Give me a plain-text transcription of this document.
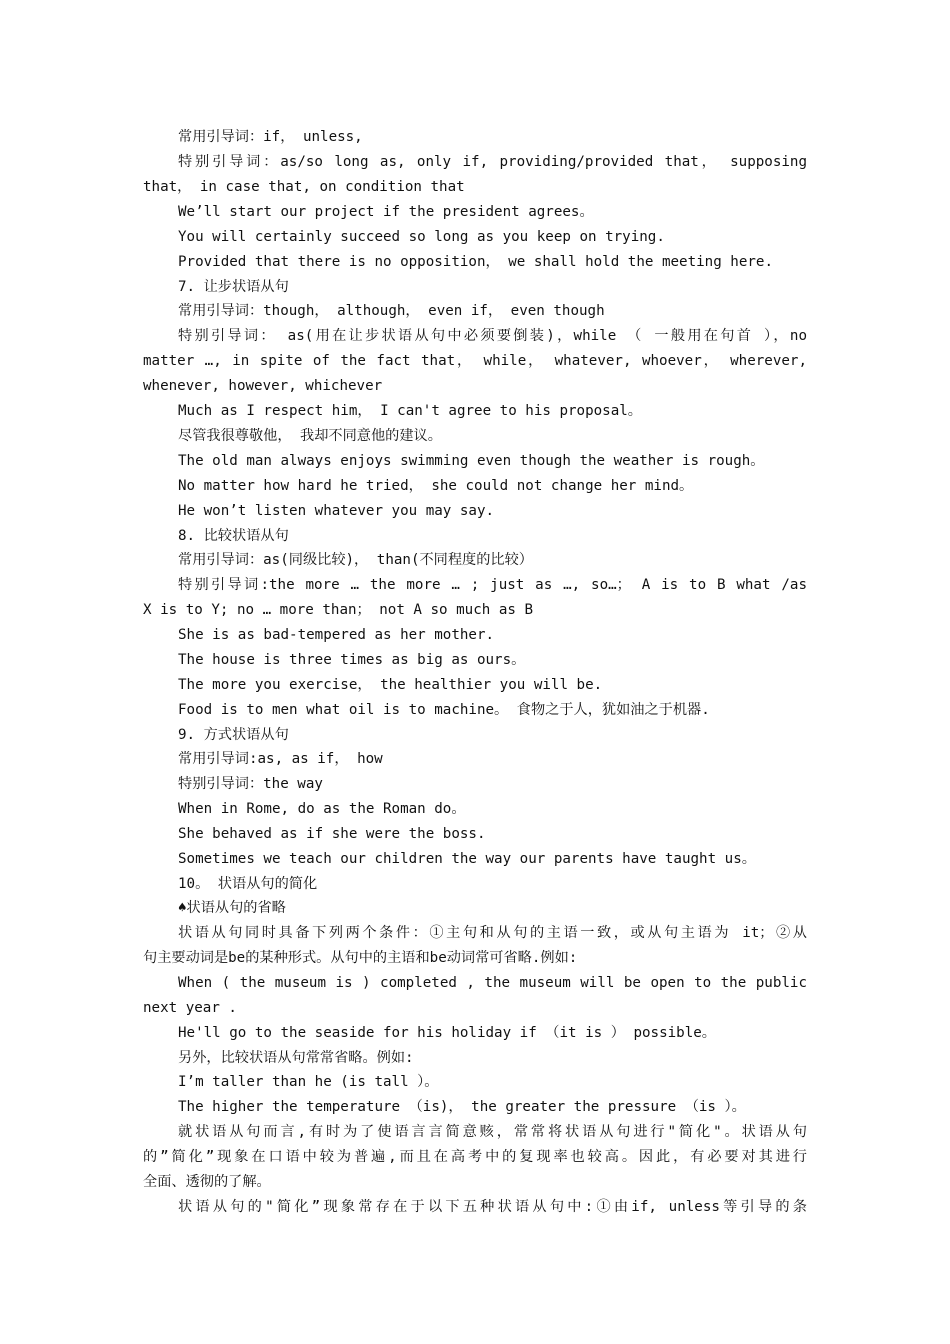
常用引导词：if， unless,

特别引导词：as/so long as, only if, providing/provided that， supposing

that， in case that, on condition that

We’ll start our project if the president agrees。

You will certainly succeed so long as you keep on trying.

Provided that there is no opposition， we shall hold the meeting here.

7. 让步状语从句

常用引导词：though， although， even if， even though

特别引导词： as(用在让步状语从句中必须要倒装)，while （ 一般用在句首 ），no

matter …, in spite of the fact that， while， whatever, whoever， wherever,

whenever, however, whichever

Much as I respect him， I can't agree to his proposal。

尽管我很尊敬他， 我却不同意他的建议。

The old man always enjoys swimming even though the weather is rough。

No matter how hard he tried， she could not change her mind。

He won’t listen whatever you may say.

8. 比较状语从句

常用引导词：as(同级比较)， than(不同程度的比较）

特别引导词:the more … the more … ; just as …, so…； A is to B what /as

X is to Y; no … more than； not A so much as B

She is as bad-tempered as her mother.

The house is three times as big as ours。

The more you exercise， the healthier you will be.

Food is to men what oil is to machine。 食物之于人，犹如油之于机器.

9. 方式状语从句

常用引导词:as, as if， how

特别引导词：the way

When in Rome, do as the Roman do。

She behaved as if she were the boss.

Sometimes we teach our children the way our parents have taught us。

10。 状语从句的简化

♠状语从句的省略

状语从句同时具备下列两个条件：①主句和从句的主语一致，或从句主语为 it；②从

句主要动词是be的某种形式。从句中的主语和be动词常可省略.例如:

When ( the museum is ) completed , the museum will be open to the public

next year .

He'll go to the seaside for his holiday if （it is ） possible。

另外，比较状语从句常常省略。例如:

I’m taller than he (is tall ）。

The higher the temperature （is)， the greater the pressure （is ）。

就状语从句而言,有时为了使语言言简意赅，常常将状语从句进行"简化"。状语从句

的”简化”现象在口语中较为普遍,而且在高考中的复现率也较高。因此，有必要对其进行

全面、透彻的了解。

状语从句的"简化”现象常存在于以下五种状语从句中:①由if, unless等引导的条
